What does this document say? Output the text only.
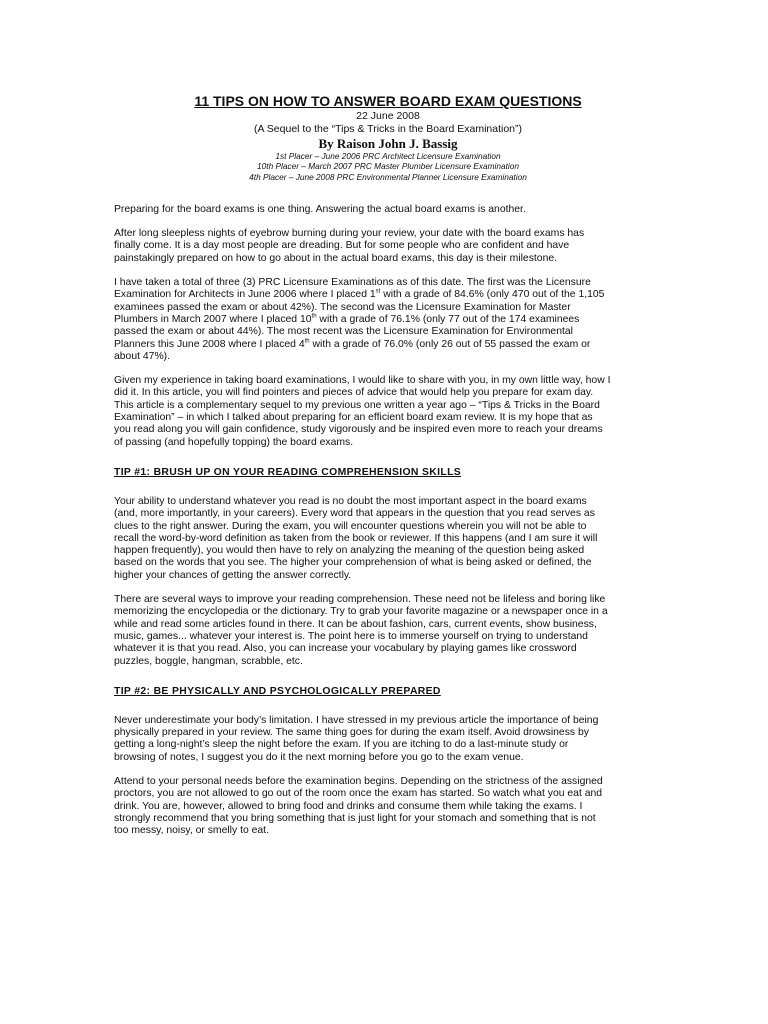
11 TIPS ON HOW TO ANSWER BOARD EXAM QUESTIONS
22 June 2008
(A Sequel to the “Tips & Tricks in the Board Examination”)
By Raison John J. Bassig
1st Placer – June 2006 PRC Architect Licensure Examination
10th Placer – March 2007 PRC Master Plumber Licensure Examination
4th Placer – June 2008 PRC Environmental Planner Licensure Examination
Preparing for the board exams is one thing. Answering the actual board exams is another.
After long sleepless nights of eyebrow burning during your review, your date with the board exams has
finally come. It is a day most people are dreading. But for some people who are confident and have
painstakingly prepared on how to go about in the actual board exams, this day is their milestone.
I have taken a total of three (3) PRC Licensure Examinations as of this date. The first was the Licensure
Examination for Architects in June 2006 where I placed 1st with a grade of 84.6% (only 470 out of the 1,105
examinees passed the exam or about 42%). The second was the Licensure Examination for Master
Plumbers in March 2007 where I placed 10th with a grade of 76.1% (only 77 out of the 174 examinees
passed the exam or about 44%). The most recent was the Licensure Examination for Environmental
Planners this June 2008 where I placed 4th with a grade of 76.0% (only 26 out of 55 passed the exam or
about 47%).
Given my experience in taking board examinations, I would like to share with you, in my own little way, how I
did it. In this article, you will find pointers and pieces of advice that would help you prepare for exam day.
This article is a complementary sequel to my previous one written a year ago – “Tips & Tricks in the Board
Examination” – in which I talked about preparing for an efficient board exam review. It is my hope that as
you read along you will gain confidence, study vigorously and be inspired even more to reach your dreams
of passing (and hopefully topping) the board exams.
TIP #1: BRUSH UP ON YOUR READING COMPREHENSION SKILLS
Your ability to understand whatever you read is no doubt the most important aspect in the board exams
(and, more importantly, in your careers). Every word that appears in the question that you read serves as
clues to the right answer. During the exam, you will encounter questions wherein you will not be able to
recall the word-by-word definition as taken from the book or reviewer. If this happens (and I am sure it will
happen frequently), you would then have to rely on analyzing the meaning of the question being asked
based on the words that you see. The higher your comprehension of what is being asked or defined, the
higher your chances of getting the answer correctly.
There are several ways to improve your reading comprehension. These need not be lifeless and boring like
memorizing the encyclopedia or the dictionary. Try to grab your favorite magazine or a newspaper once in a
while and read some articles found in there. It can be about fashion, cars, current events, show business,
music, games... whatever your interest is. The point here is to immerse yourself on trying to understand
whatever it is that you read. Also, you can increase your vocabulary by playing games like crossword
puzzles, boggle, hangman, scrabble, etc.
TIP #2: BE PHYSICALLY AND PSYCHOLOGICALLY PREPARED
Never underestimate your body’s limitation. I have stressed in my previous article the importance of being
physically prepared in your review. The same thing goes for during the exam itself. Avoid drowsiness by
getting a long-night’s sleep the night before the exam. If you are itching to do a last-minute study or
browsing of notes, I suggest you do it the next morning before you go to the exam venue.
Attend to your personal needs before the examination begins. Depending on the strictness of the assigned
proctors, you are not allowed to go out of the room once the exam has started. So watch what you eat and
drink. You are, however, allowed to bring food and drinks and consume them while taking the exams. I
strongly recommend that you bring something that is just light for your stomach and something that is not
too messy, noisy, or smelly to eat.
